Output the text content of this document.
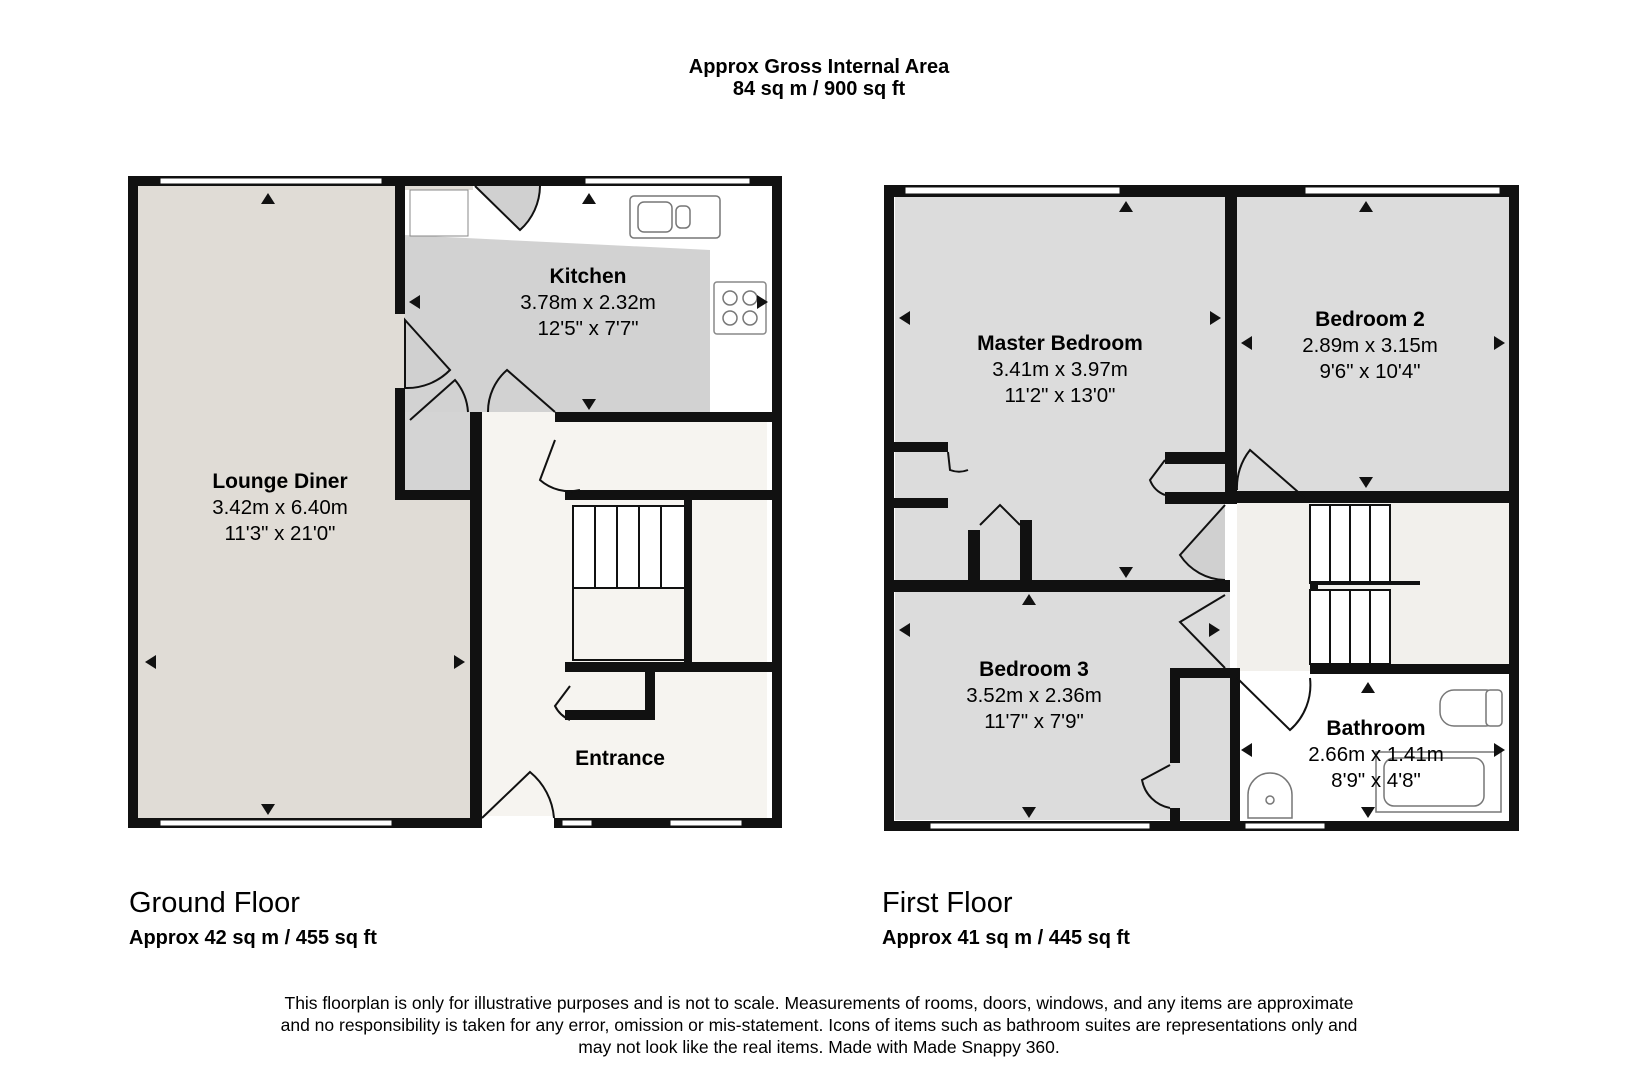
Approx Gross Internal Area
84 sq m / 900 sq ft
Lounge Diner
3.42m x 6.40m
11'3" x 21'0"
Kitchen
3.78m x 2.32m
12'5" x 7'7"
Entrance
Master Bedroom
3.41m x 3.97m
11'2" x 13'0"
Bedroom 2
2.89m x 3.15m
9'6" x 10'4"
Bedroom 3
3.52m x 2.36m
11'7" x 7'9"	Bathroom
2.66m x 1.41m
8'9" x 4'8"
Ground Floor
Approx 42 sq m / 455 sq ft
First Floor
Approx 41 sq m / 445 sq ft
This floorplan is only for illustrative purposes and is not to scale. Measurements of rooms, doors, windows, and any items are approximate
and no responsibility is taken for any error, omission or mis-statement. Icons of items such as bathroom suites are representations only and
may not look like the real items. Made with Made Snappy 360.
